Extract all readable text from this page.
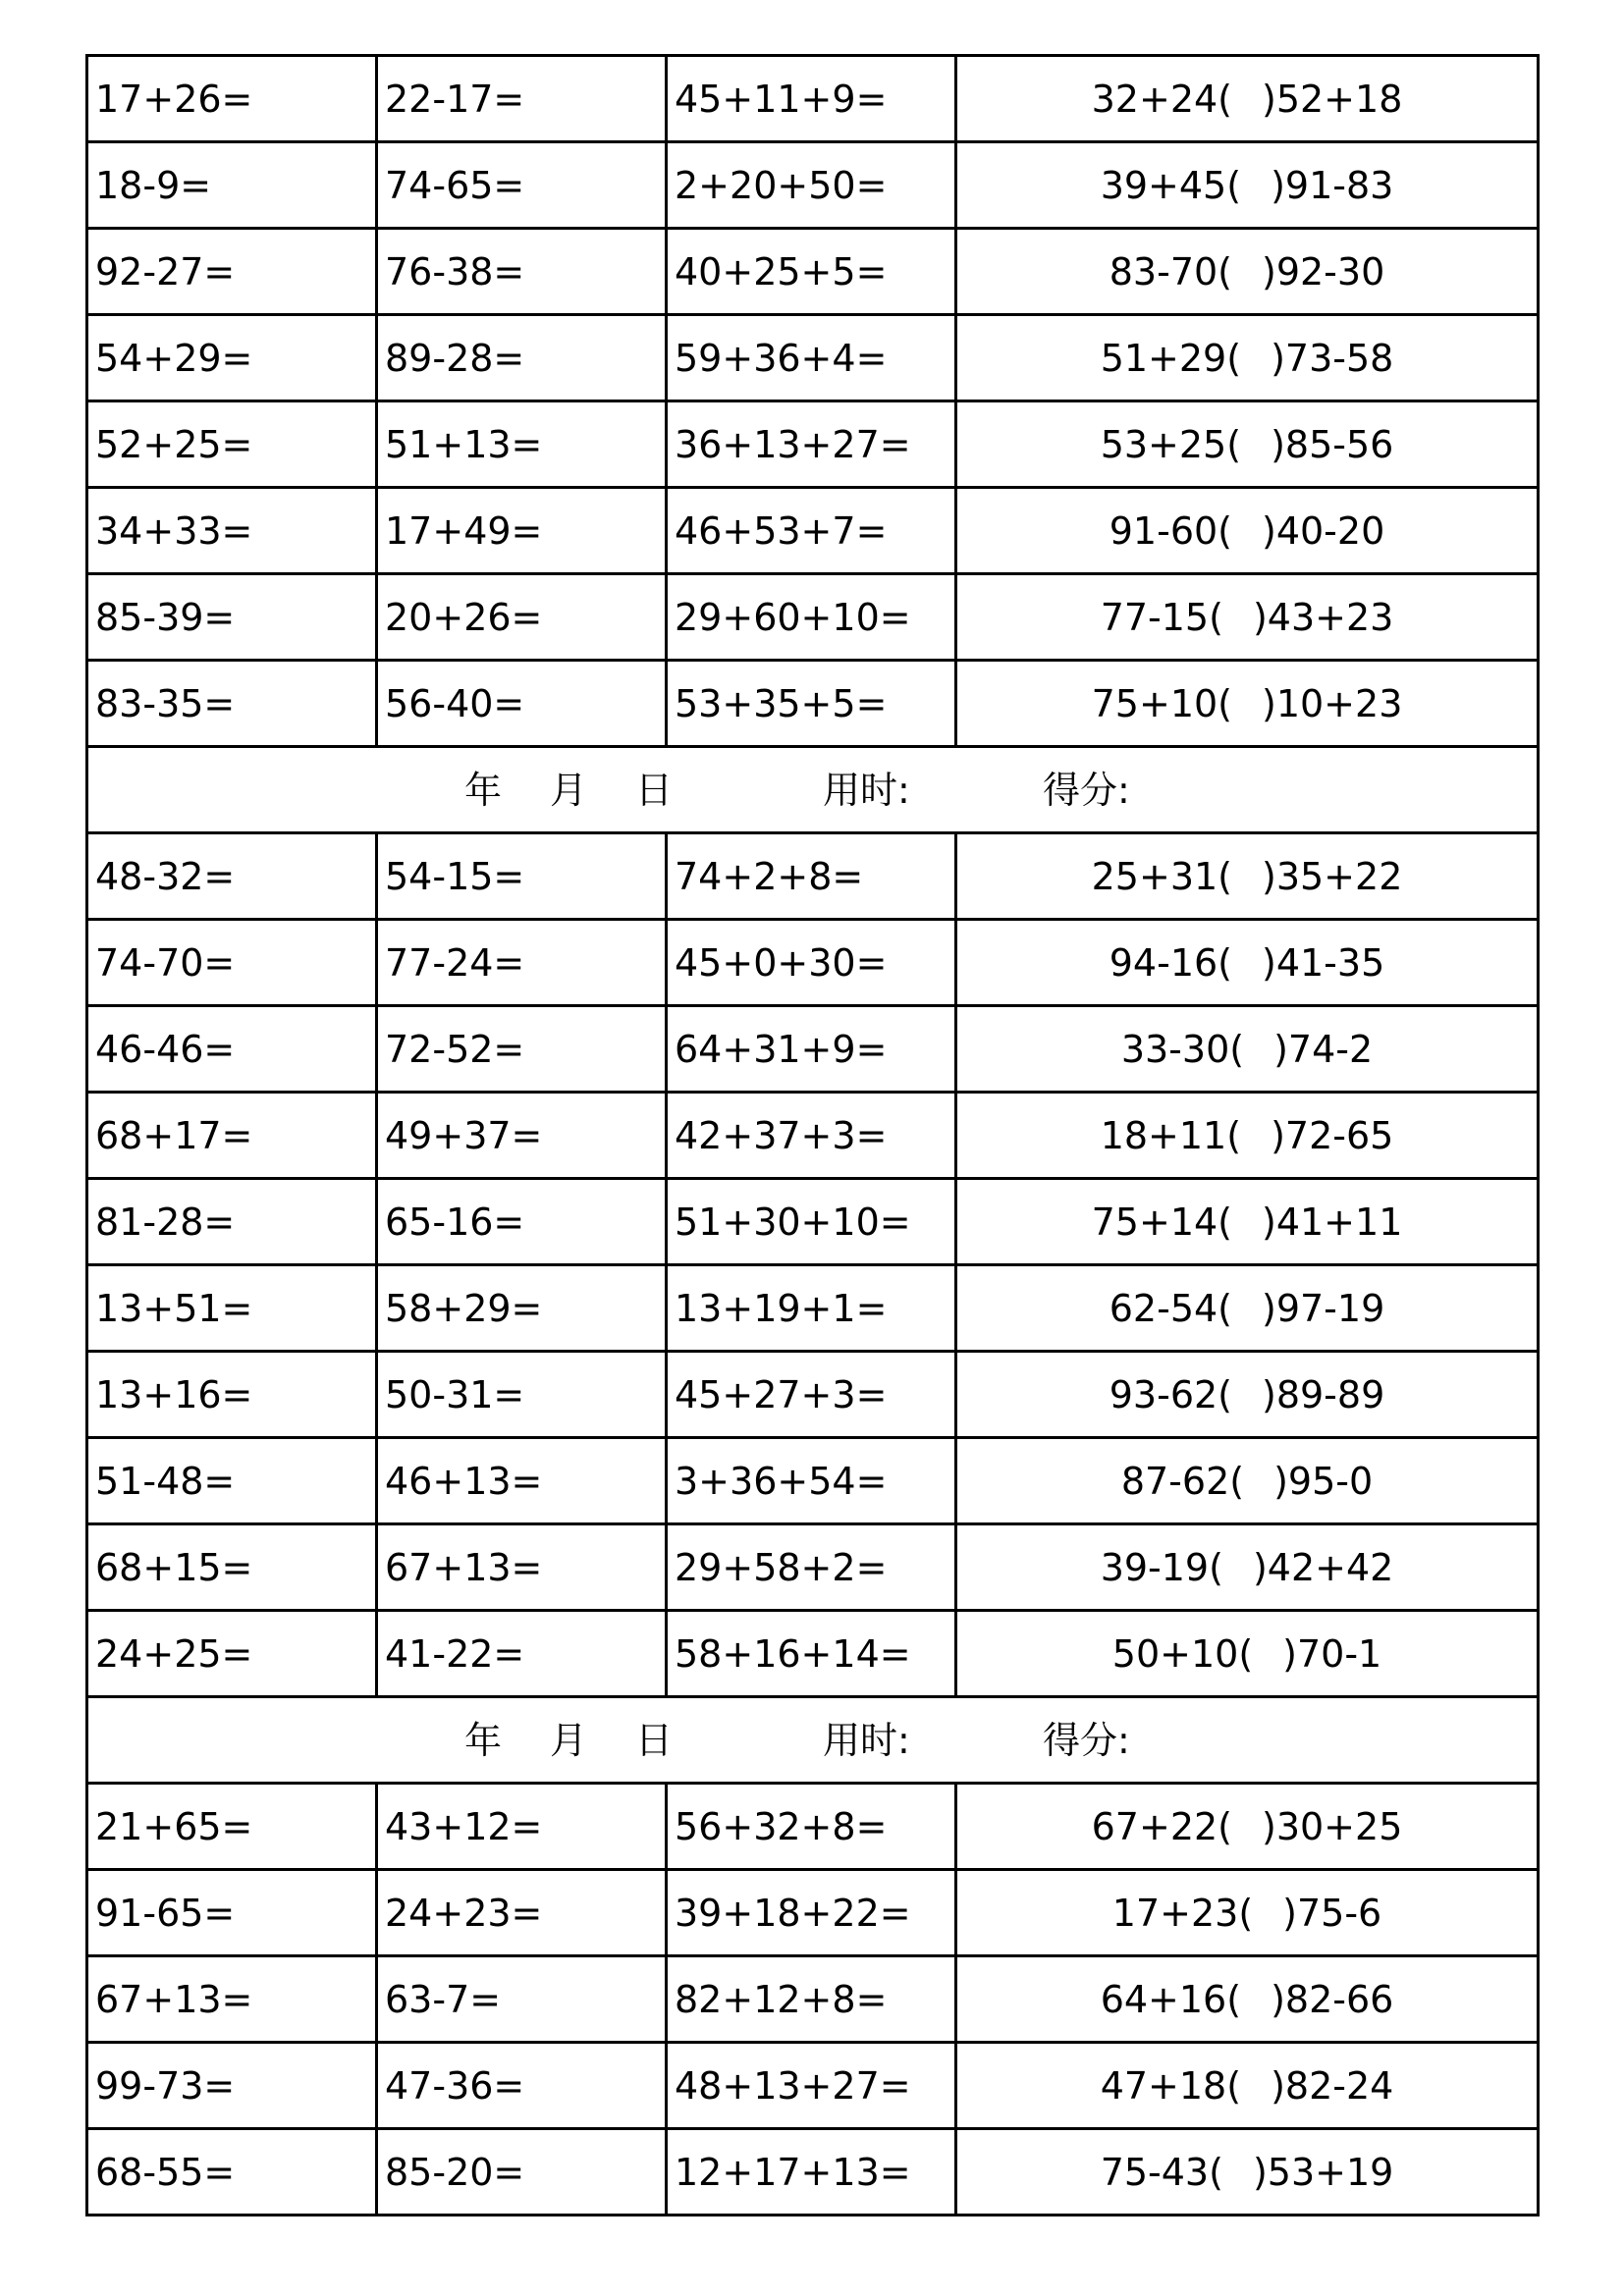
17+26=	22-17=	45+11+9=	32+24( )52+18
18-9=	74-65=	2+20+50=	39+45( )91-83
92-27=	76-38=	40+25+5=	83-70( )92-30
54+29=	89-28=	59+36+4=	51+29( )73-58
52+25=	51+13=	36+13+27=	53+25( )85-56
34+33=	17+49=	46+53+7=	91-60( )40-20
85-39=	20+26=	29+60+10=	77-15( )43+23
83-35=	56-40=	53+35+5=	75+10( )10+23

年 月 日 用时: 得分:			

48-32=	54-15=	74+2+8=	25+31( )35+22
74-70=	77-24=	45+0+30=	94-16( )41-35
46-46=	72-52=	64+31+9=	33-30( )74-2
68+17=	49+37=	42+37+3=	18+11( )72-65
81-28=	65-16=	51+30+10=	75+14( )41+11
13+51=	58+29=	13+19+1=	62-54( )97-19
13+16=	50-31=	45+27+3=	93-62( )89-89
51-48=	46+13=	3+36+54=	87-62( )95-0
68+15=	67+13=	29+58+2=	39-19( )42+42
24+25=	41-22=	58+16+14=	50+10( )70-1

年 月 日 用时: 得分:			

21+65=	43+12=	56+32+8=	67+22( )30+25
91-65=	24+23=	39+18+22=	17+23( )75-6
67+13=	63-7=	82+12+8=	64+16( )82-66
99-73=	47-36=	48+13+27=	47+18( )82-24
68-55=	85-20=	12+17+13=	75-43( )53+19
